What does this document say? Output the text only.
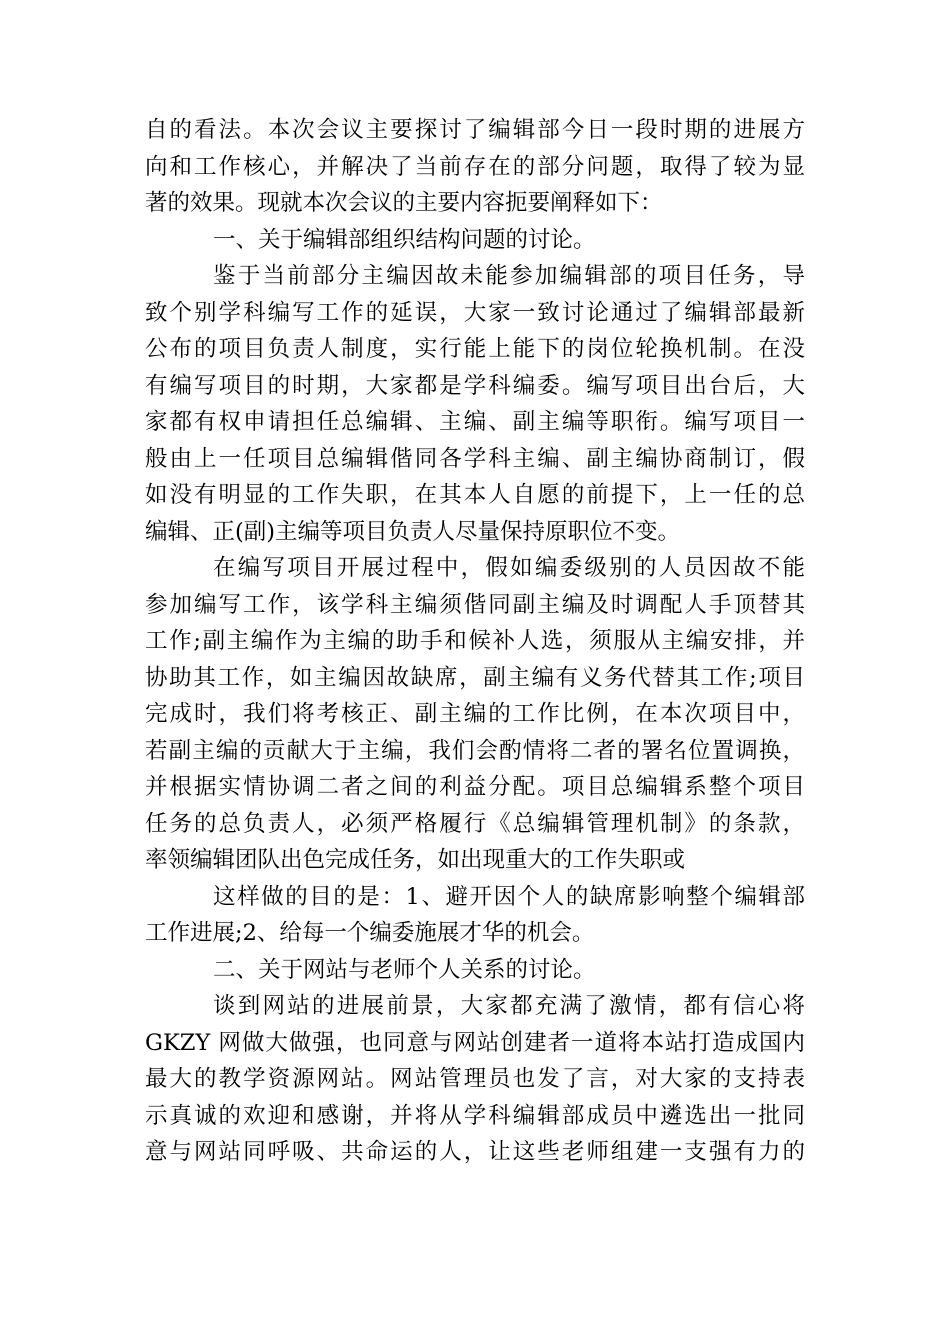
自的看法。本次会议主要探讨了编辑部今日一段时期的进展方
向和工作核心，并解决了当前存在的部分问题，取得了较为显
著的效果。现就本次会议的主要内容扼要阐释如下：
一、关于编辑部组织结构问题的讨论。
鉴于当前部分主编因故未能参加编辑部的项目任务，导
致个别学科编写工作的延误，大家一致讨论通过了编辑部最新
公布的项目负责人制度，实行能上能下的岗位轮换机制。在没
有编写项目的时期，大家都是学科编委。编写项目出台后，大
家都有权申请担任总编辑、主编、副主编等职衔。编写项目一
般由上一任项目总编辑偕同各学科主编、副主编协商制订，假
如没有明显的工作失职，在其本人自愿的前提下，上一任的总
编辑、正(副)主编等项目负责人尽量保持原职位不变。
在编写项目开展过程中，假如编委级别的人员因故不能
参加编写工作，该学科主编须偕同副主编及时调配人手顶替其
工作;副主编作为主编的助手和候补人选，须服从主编安排，并
协助其工作，如主编因故缺席，副主编有义务代替其工作;项目
完成时，我们将考核正、副主编的工作比例，在本次项目中，
若副主编的贡献大于主编，我们会酌情将二者的署名位置调换，
并根据实情协调二者之间的利益分配。项目总编辑系整个项目
任务的总负责人，必须严格履行《总编辑管理机制》的条款，
率领编辑团队出色完成任务，如出现重大的工作失职或
这样做的目的是：1、避开因个人的缺席影响整个编辑部
工作进展;2、给每一个编委施展才华的机会。
二、关于网站与老师个人关系的讨论。
谈到网站的进展前景，大家都充满了激情，都有信心将
GKZY 网做大做强，也同意与网站创建者一道将本站打造成国内
最大的教学资源网站。网站管理员也发了言，对大家的支持表
示真诚的欢迎和感谢，并将从学科编辑部成员中遴选出一批同
意与网站同呼吸、共命运的人，让这些老师组建一支强有力的
